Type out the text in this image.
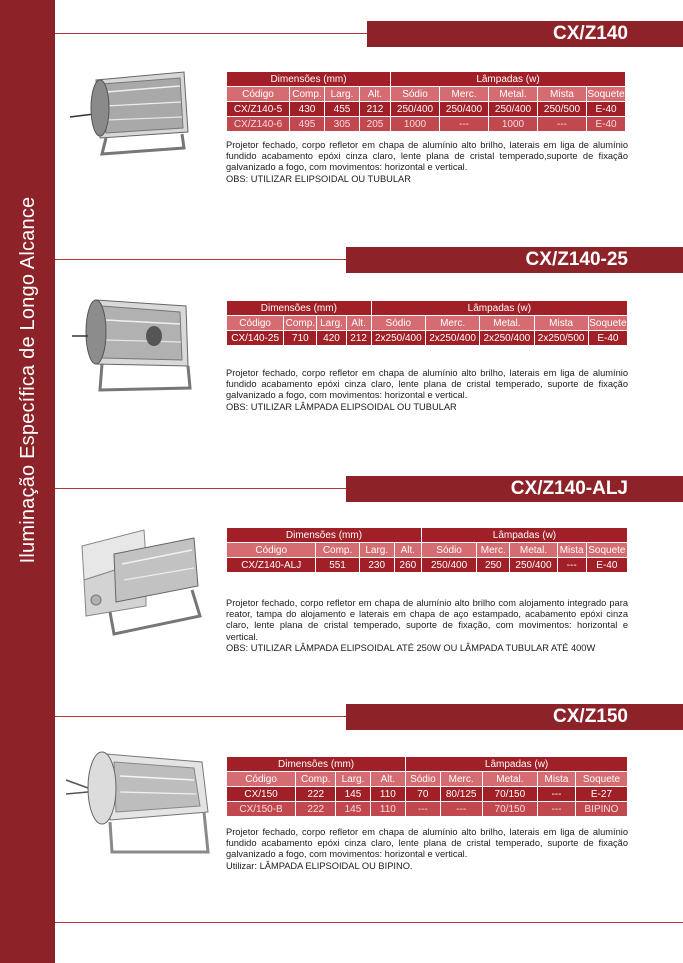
Iluminação Específica de Longo Alcance
CX/Z140
Dimensões (mm)				Lâmpadas (w)				
Código	Comp.	Larg.	Alt.	Sódio	Merc.	Metal.	Mista	Soquete
CX/Z140-5	430	455	212	250/400	250/400	250/400	250/500	E-40
CX/Z140-6	495	305	205	1000	---	1000	---	E-40

Projetor fechado, corpo refletor em chapa de alumínio alto brilho, laterais em liga de alumínio fundido acabamento epóxi cinza claro, lente plana de cristal temperado,suporte de fixação galvanizado a fogo, com movimentos: horizontal e vertical.

OBS: UTILIZAR ELIPSOIDAL OU TUBULAR

CX/Z140-25
Dimensões (mm)				Lâmpadas (w)				
Código	Comp.	Larg.	Alt.	Sódio	Merc.	Metal.	Mista	Soquete
CX/140-25	710	420	212	2x250/400	2x250/400	2x250/400	2x250/500	E-40

Projetor fechado, corpo refletor em chapa de alumínio alto brilho, laterais em liga de alumínio fundido acabamento epóxi cinza claro, lente plana de cristal temperado, suporte de fixação galvanizado a fogo, com movimentos: horizontal e vertical.

OBS: UTILIZAR LÂMPADA ELIPSOIDAL OU TUBULAR

CX/Z140-ALJ
Dimensões (mm)				Lâmpadas (w)				
Código	Comp.	Larg.	Alt.	Sódio	Merc.	Metal.	Mista	Soquete
CX/Z140-ALJ	551	230	260	250/400	250	250/400	---	E-40

Projetor fechado, corpo refletor em chapa de alumínio alto brilho com alojamento integrado para reator, tampa do alojamento e laterais em chapa de aço estampado, acabamento epóxi cinza claro, lente plana de cristal temperado, suporte de fixação, com movimentos: horizontal e vertical.

OBS: UTILIZAR LÂMPADA ELIPSOIDAL ATÉ 250W OU LÂMPADA TUBULAR ATÉ 400W

CX/Z150
Dimensões (mm)				Lâmpadas (w)				
Código	Comp.	Larg.	Alt.	Sódio	Merc.	Metal.	Mista	Soquete
CX/150	222	145	110	70	80/125	70/150	---	E-27
CX/150-B	222	145	110	---	---	70/150	---	BIPINO

Projetor fechado, corpo refletor em chapa de alumínio alto brilho, laterais em liga de alumínio fundido acabamento epóxi cinza claro, lente plana de cristal temperado, suporte de fixação galvanizado a fogo, com movimentos: horizontal e vertical.

Utilizar: LÂMPADA ELIPSOIDAL OU BIPINO.
